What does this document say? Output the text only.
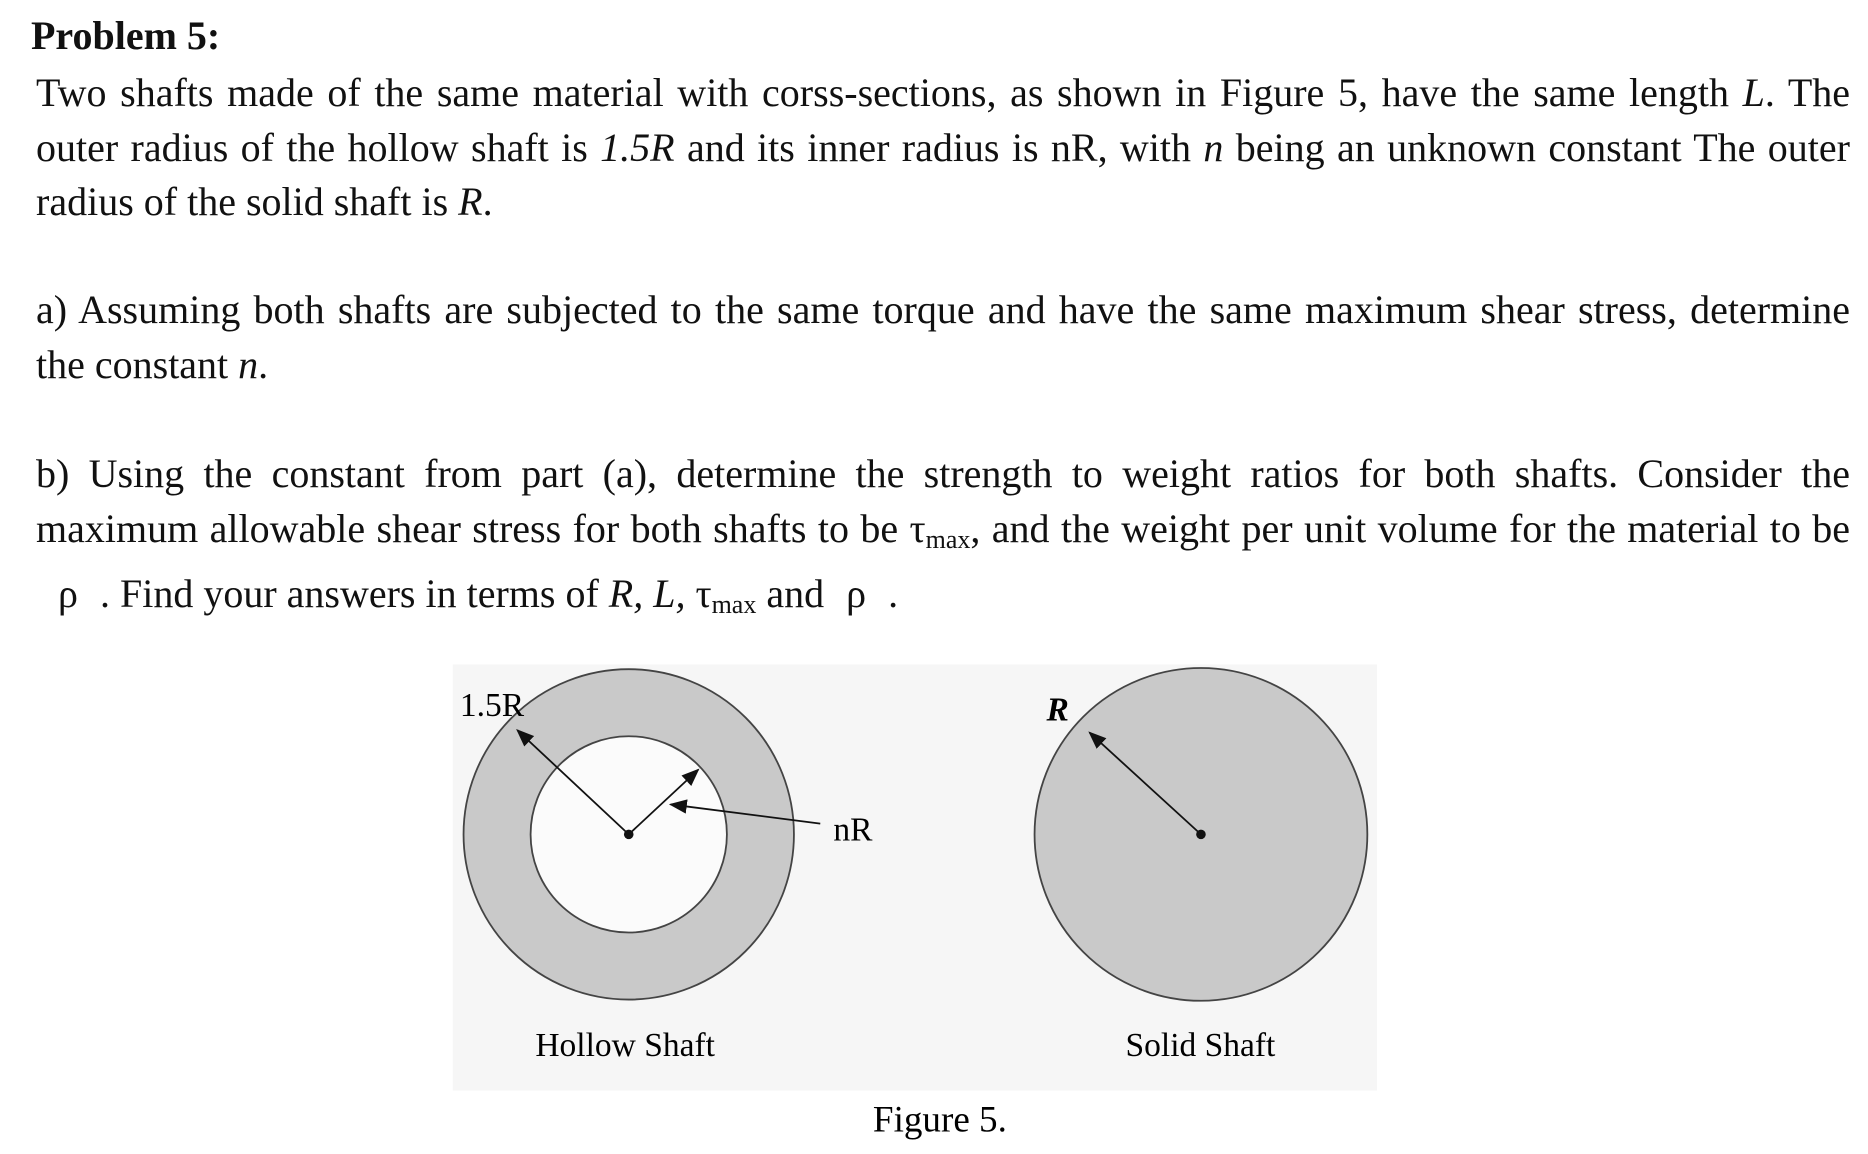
Problem 5:
Two shafts made of the same material with corss-sections, as shown in Figure 5, have the same length L. The outer radius of the hollow shaft is 1.5R and its inner radius is nR, with n being an unknown constant The outer radius of the solid shaft is R.
a) Assuming both shafts are subjected to the same torque and have the same maximum shear stress, determine the constant n.
b) Using the constant from part (a), determine the strength to weight ratios for both shafts. Consider the maximum allowable shear stress for both shafts to be $\tau_{max}$, and the weight per unit volume for the material to beρ . Find your answers in terms of R, L, $\tau_{max}$ and ρ .
1.5R
nR
R
Hollow Shaft	Solid Shaft
Figure 5.
